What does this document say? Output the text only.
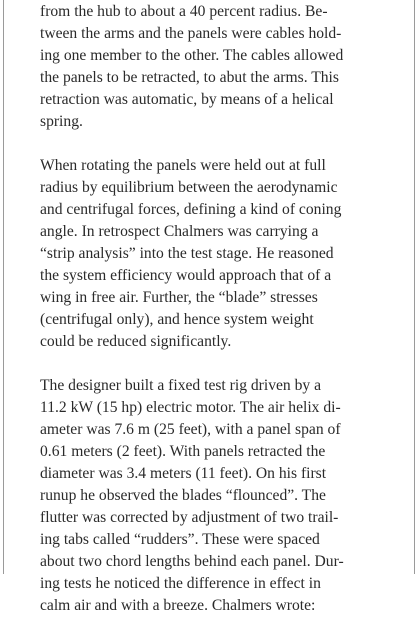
from the hub to about a 40 percent radius. Be-
tween the arms and the panels were cables hold-
ing one member to the other. The cables allowed
the panels to be retracted, to abut the arms. This
retraction was automatic, by means of a helical
spring.

When rotating the panels were held out at full
radius by equilibrium between the aerodynamic
and centrifugal forces, defining a kind of coning
angle. In retrospect Chalmers was carrying a
“strip analysis” into the test stage. He reasoned
the system efficiency would approach that of a
wing in free air. Further, the “blade” stresses
(centrifugal only), and hence system weight
could be reduced significantly.

The designer built a fixed test rig driven by a
11.2 kW (15 hp) electric motor. The air helix di-
ameter was 7.6 m (25 feet), with a panel span of
0.61 meters (2 feet). With panels retracted the
diameter was 3.4 meters (11 feet). On his first
runup he observed the blades “flounced”. The
flutter was corrected by adjustment of two trail-
ing tabs called “rudders”. These were spaced
about two chord lengths behind each panel. Dur-
ing tests he noticed the difference in effect in
calm air and with a breeze. Chalmers wrote:
